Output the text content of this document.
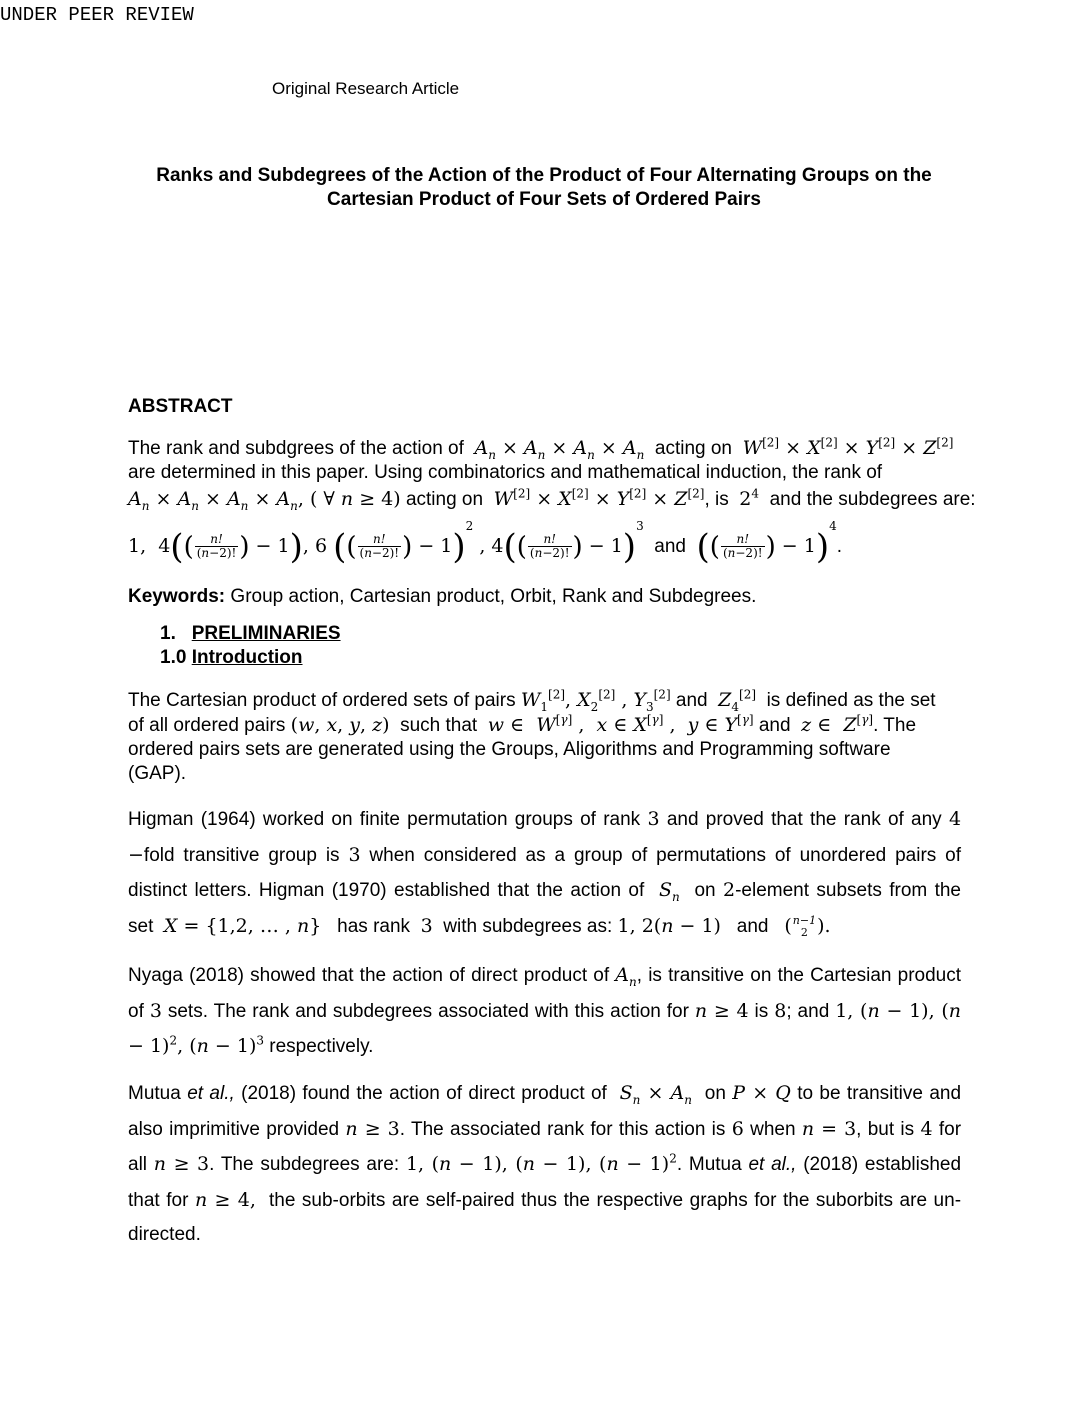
UNDER PEER REVIEW
Original Research Article
Ranks and Subdegrees of the Action of the Product of Four Alternating Groups on the
Cartesian Product of Four Sets of Ordered Pairs
ABSTRACT
The rank and subdgrees of the action of $A_n \times A_n \times A_n \times A_n$ acting on W[2] × X[2] × Y[2] × Z[2]
are determined in this paper. Using combinatorics and mathematical induction, the rank of
$A_n \times A_n \times A_n \times A_n$, ( ∀ n ≥ 4) acting on W[2] × X[2] × Y[2] × Z[2], is $2^4$ and the subdegrees are:
1,  $4(( \frac{n!}{(n-2)!}$ ) − 1), 6 (( $\frac{n!}{(n-2)!}$ ) − 1)$^2$ , $4(( \frac{n!}{(n-2)!}$ ) − 1)$^3$  and (( $\frac{n!}{(n-2)!}$ ) − 1)$^4$.
Keywords: Group action, Cartesian product, Orbit, Rank and Subdegrees.
1. PRELIMINARIES
1.0 Introduction
The Cartesian product of ordered sets of pairs $W_1[2]$, $X_2[2]$ , $Y_3[2]$ and $Z_4[2]$ is defined as the set
of all ordered pairs (w, x, y, z) such that w ∈  W[γ] ,  x ∈ X[γ] ,  y ∈ Y[γ] and z ∈  Z[γ]. The
ordered pairs sets are generated using the Groups, Aligorithms and Programming software
(GAP).
Higman (1964) worked on finite permutation groups of rank 3 and proved that the rank of any 4 −fold transitive group is 3 when considered as a group of permutations of unordered pairs of distinct letters. Higman (1970) established that the action of $S_n$ on 2-element subsets from the set X = {1,2, … , n} has rank 3 with subdegrees as: 1, 2(n − 1) and ( n−1
2 ).
Nyaga (2018) showed that the action of direct product of $A_n$, is transitive on the Cartesian product of 3 sets. The rank and subdegrees associated with this action for n ≥ 4 is 8; and 1, (n − 1), $(n - 1)^2$, $(n - 1)^3$ respectively.
Mutua et al., (2018) found the action of direct product of $S_n \times A_n$ on P × Q to be transitive and also imprimitive provided n ≥ 3. The associated rank for this action is 6 when n = 3, but is 4 for all n ≥ 3. The subdegrees are: 1, (n − 1), (n − 1), $(n - 1)^2$. Mutua et al., (2018) established that for n ≥ 4, the sub-orbits are self-paired thus the respective graphs for the suborbits are un- directed.
